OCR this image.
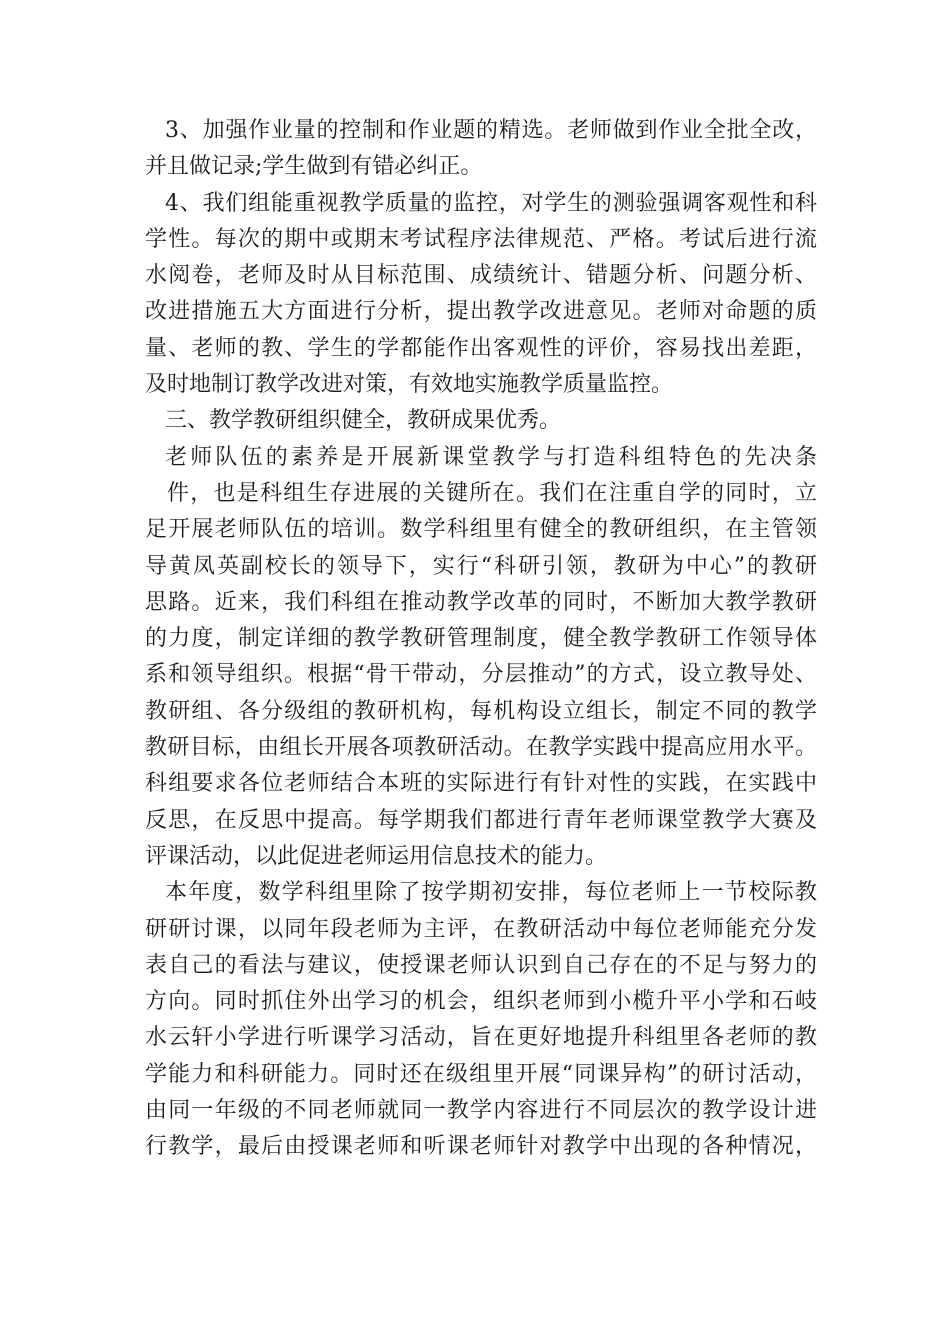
3、加强作业量的控制和作业题的精选。老师做到作业全批全改，
并且做记录;学生做到有错必纠正。
4、我们组能重视教学质量的监控，对学生的测验强调客观性和科
学性。每次的期中或期末考试程序法律规范、严格。考试后进行流
水阅卷，老师及时从目标范围、成绩统计、错题分析、问题分析、
改进措施五大方面进行分析，提出教学改进意见。老师对命题的质
量、老师的教、学生的学都能作出客观性的评价，容易找出差距，
及时地制订教学改进对策，有效地实施教学质量监控。
三、教学教研组织健全，教研成果优秀。
老师队伍的素养是开展新课堂教学与打造科组特色的先决条
件，也是科组生存进展的关键所在。我们在注重自学的同时，立
足开展老师队伍的培训。数学科组里有健全的教研组织，在主管领
导黄凤英副校长的领导下，实行“科研引领，教研为中心”的教研
思路。近来，我们科组在推动教学改革的同时，不断加大教学教研
的力度，制定详细的教学教研管理制度，健全教学教研工作领导体
系和领导组织。根据“骨干带动，分层推动”的方式，设立教导处、
教研组、各分级组的教研机构，每机构设立组长，制定不同的教学
教研目标，由组长开展各项教研活动。在教学实践中提高应用水平。
科组要求各位老师结合本班的实际进行有针对性的实践，在实践中
反思，在反思中提高。每学期我们都进行青年老师课堂教学大赛及
评课活动，以此促进老师运用信息技术的能力。
本年度，数学科组里除了按学期初安排，每位老师上一节校际教
研研讨课，以同年段老师为主评，在教研活动中每位老师能充分发
表自己的看法与建议，使授课老师认识到自己存在的不足与努力的
方向。同时抓住外出学习的机会，组织老师到小榄升平小学和石岐
水云轩小学进行听课学习活动，旨在更好地提升科组里各老师的教
学能力和科研能力。同时还在级组里开展“同课异构”的研讨活动，
由同一年级的不同老师就同一教学内容进行不同层次的教学设计进
行教学，最后由授课老师和听课老师针对教学中出现的各种情况，
